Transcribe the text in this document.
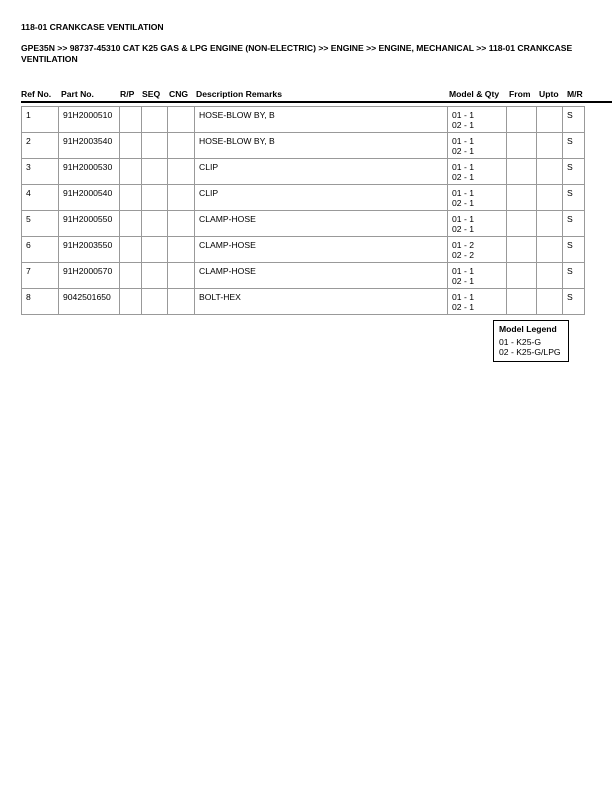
118-01 CRANKCASE VENTILATION
GPE35N >> 98737-45310 CAT K25 GAS & LPG ENGINE (NON-ELECTRIC) >> ENGINE >> ENGINE, MECHANICAL >> 118-01 CRANKCASE VENTILATION
Ref No. Part No.	R/P SEQ CNG Description Remarks	Model & Qty From Upto M/R
1	91H2000510				HOSE-BLOW BY, B	01 - 1
02 - 1			S
2	91H2003540				HOSE-BLOW BY, B	01 - 1
02 - 1			S
3	91H2000530				CLIP	01 - 1
02 - 1			S
4	91H2000540				CLIP	01 - 1
02 - 1			S
5	91H2000550				CLAMP-HOSE	01 - 1
02 - 1			S
6	91H2003550				CLAMP-HOSE	01 - 2
02 - 2			S
7	91H2000570				CLAMP-HOSE	01 - 1
02 - 1			S
8	9042501650				BOLT-HEX	01 - 1
02 - 1			S
Model Legend
01 - K25-G
02 - K25-G/LPG
